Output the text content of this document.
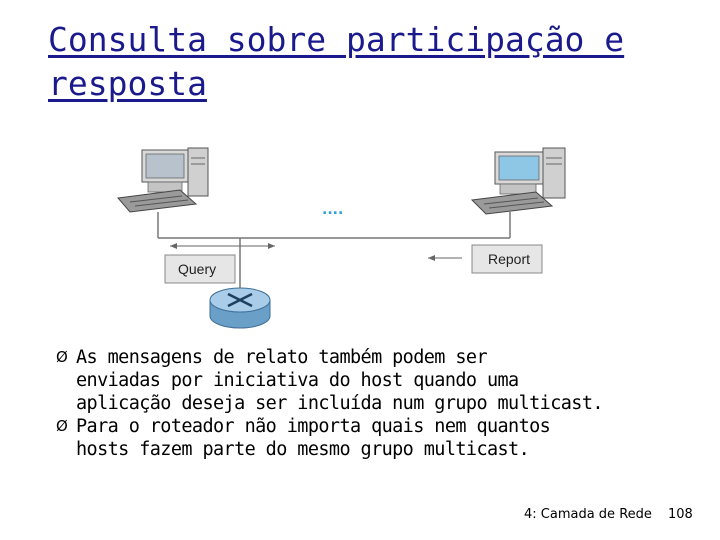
Consulta sobre participação e
resposta
....
Query
Report
Ø As mensagens de relato também podem ser
enviadas por iniciativa do host quando uma
aplicação deseja ser incluída num grupo multicast.
Ø Para o roteador não importa quais nem quantos
hosts fazem parte do mesmo grupo multicast.
4: Camada de Rede 108
